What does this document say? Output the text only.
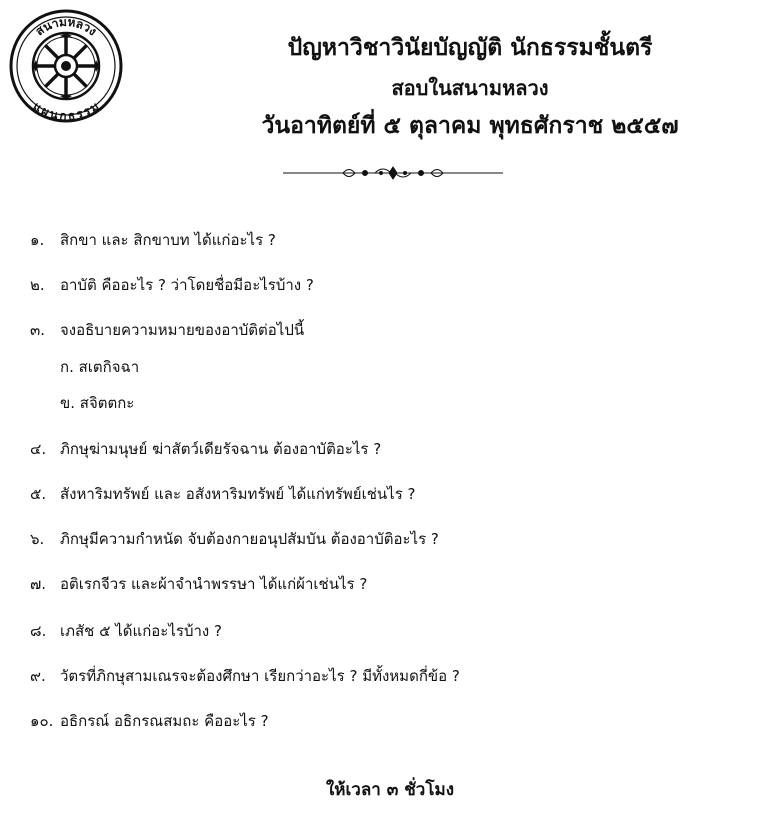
สนามหลวง
แผนกธรรม
ปัญหาวิชาวินัยบัญญัติ นักธรรมชั้นตรี
สอบในสนามหลวง
วันอาทิตย์ที่ ๕ ตุลาคม พุทธศักราช ๒๕๕๗
๑. สิกขา และ สิกขาบท ได้แก่อะไร ?
๒. อาบัติ คืออะไร ? ว่าโดยชื่อมีอะไรบ้าง ?
๓. จงอธิบายความหมายของอาบัติต่อไปนี้
ก. สเตกิจฉา
ข. สจิตตกะ
๔. ภิกษุฆ่ามนุษย์ ฆ่าสัตว์เดียรัจฉาน ต้องอาบัติอะไร ?
๕. สังหาริมทรัพย์ และ อสังหาริมทรัพย์ ได้แก่ทรัพย์เช่นไร ?
๖. ภิกษุมีความกำหนัด จับต้องกายอนุปสัมบัน ต้องอาบัติอะไร ?
๗. อติเรกจีวร และผ้าจำนำพรรษา ได้แก่ผ้าเช่นไร ?
๘. เภสัช ๕ ได้แก่อะไรบ้าง ?
๙. วัตรที่ภิกษุสามเณรจะต้องศึกษา เรียกว่าอะไร ? มีทั้งหมดกี่ข้อ ?
๑๐. อธิกรณ์ อธิกรณสมถะ คืออะไร ?
ให้เวลา ๓ ชั่วโมง
